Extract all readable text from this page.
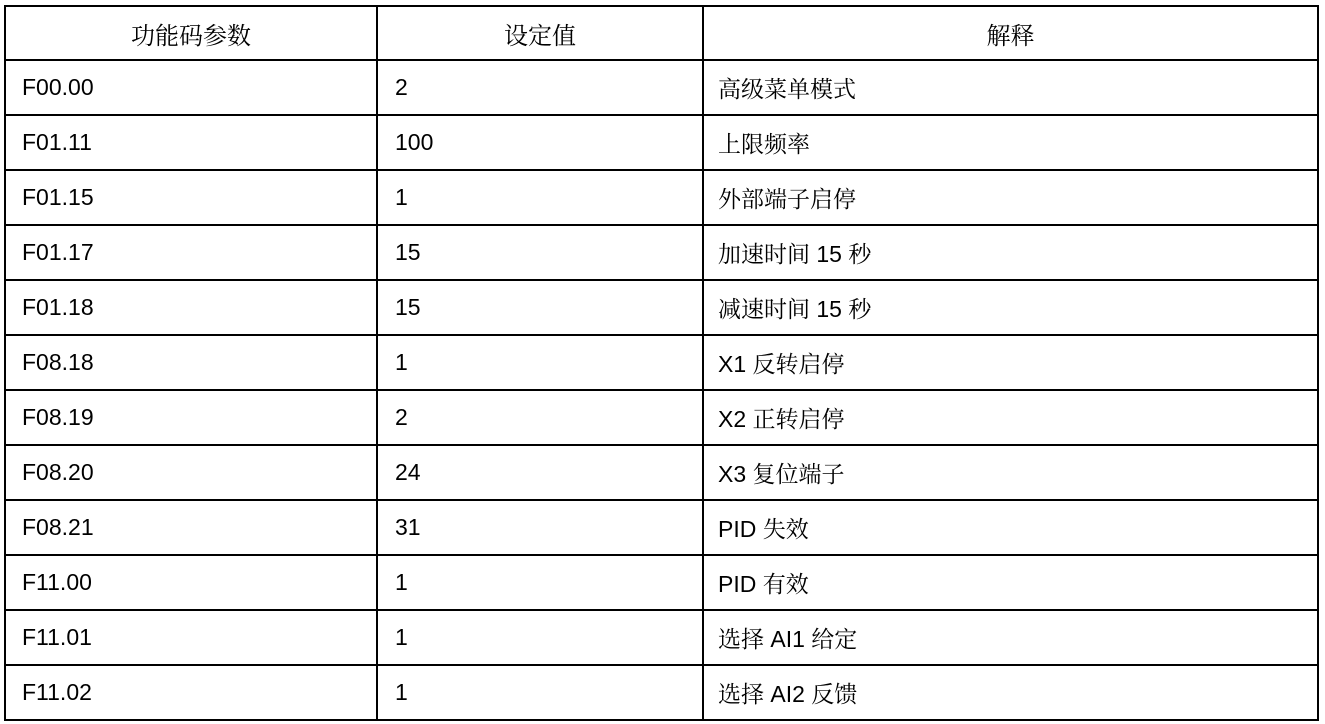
功能码参数	设定值	解释
F00.00	2	高级菜单模式
F01.11	100	上限频率
F01.15	1	外部端子启停
F01.17	15	加速时间 15 秒
F01.18	15	减速时间 15 秒
F08.18	1	X1 反转启停
F08.19	2	X2 正转启停
F08.20	24	X3 复位端子
F08.21	31	PID 失效
F11.00	1	PID 有效
F11.01	1	选择 AI1 给定
F11.02	1	选择 AI2 反馈
